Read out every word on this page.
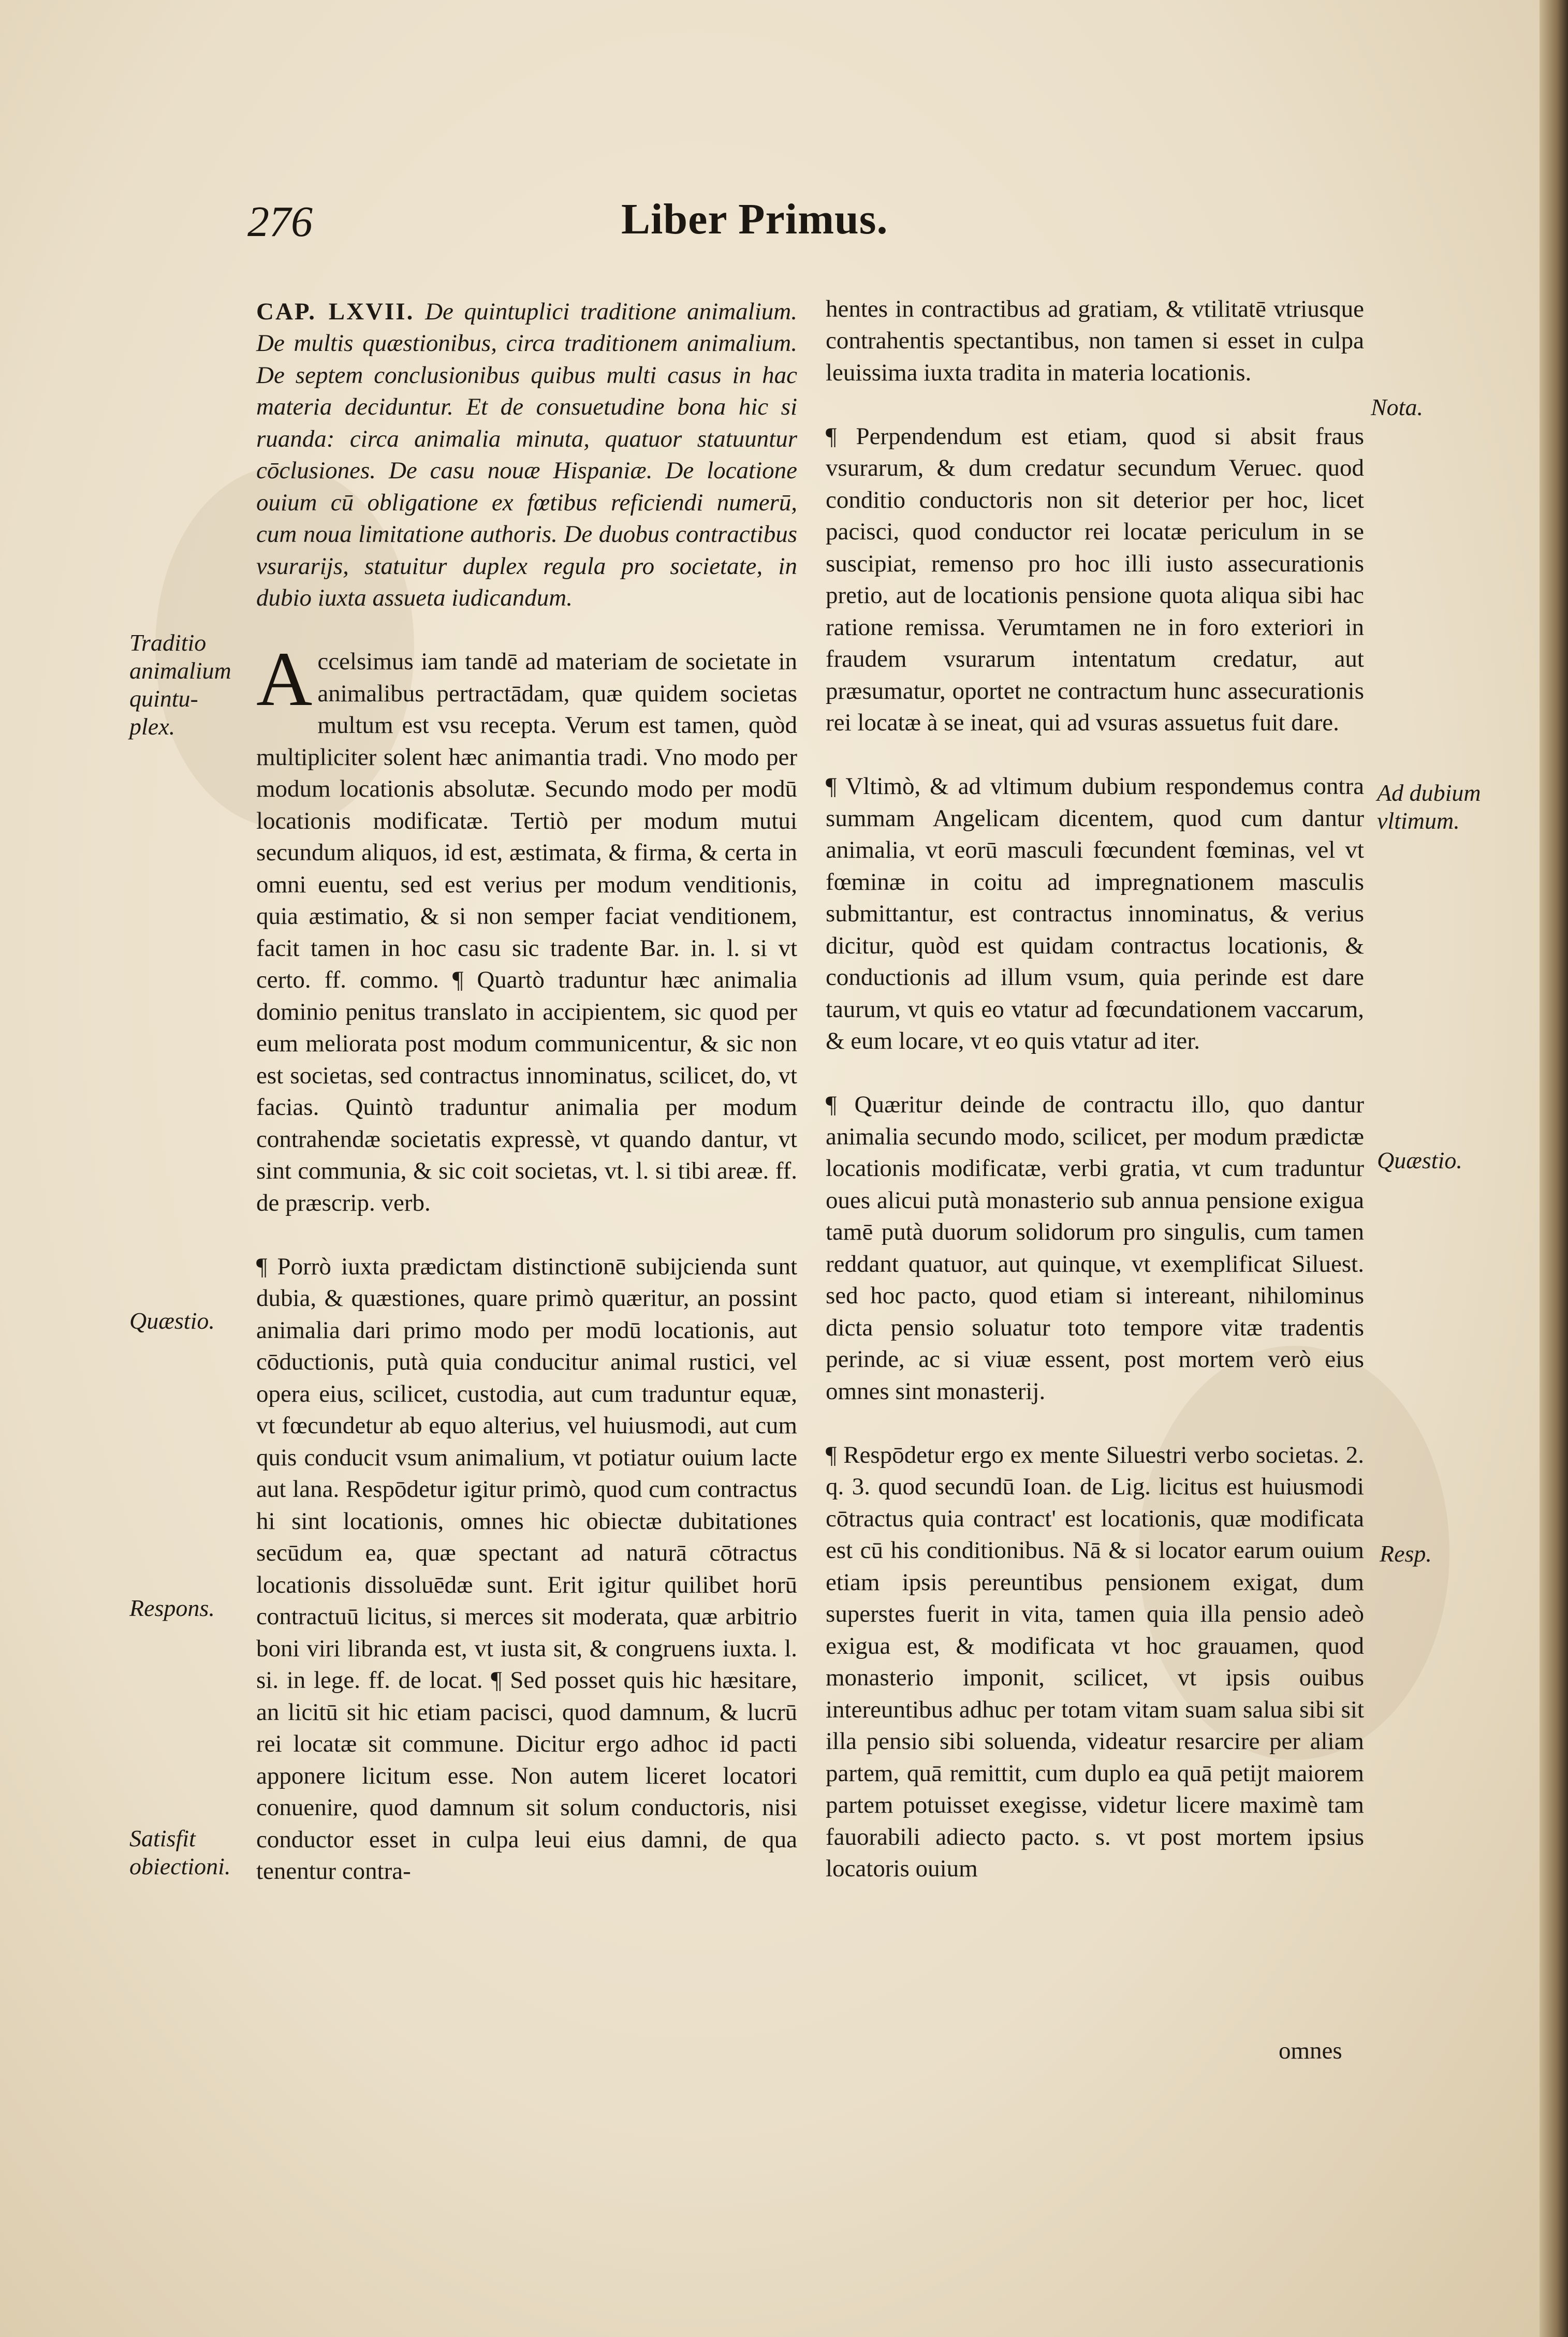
276	Liber Primus.

CAP. LXVII. De quintuplici traditione animalium. De multis quæstionibus, circa traditionem animalium. De septem conclusionibus quibus multi casus in hac materia deciduntur. Et de consuetudine bona hic si ruanda: circa animalia minuta, quatuor statuuntur cōclusiones. De casu nouæ Hispaniæ. De locatione ouium cū obligatione ex fœtibus reficiendi numerū, cum noua limitatione authoris. De duobus contractibus vsurarijs, statuitur duplex regula pro societate, in dubio iuxta assueta iudicandum.

Accelsimus iam tandē ad materiam de societate in animalibus pertractādam, quæ quidem societas multum est vsu recepta. Verum est tamen, quòd multipliciter solent hæc animantia tradi. Vno modo per modum locationis absolutæ. Secundo modo per modū locationis modificatæ. Tertiò per modum mutui secundum aliquos, id est, æstimata, & firma, & certa in omni euentu, sed est verius per modum venditionis, quia æstimatio, & si non semper faciat venditionem, facit tamen in hoc casu sic tradente Bar. in. l. si vt certo. ff. commo. ¶ Quartò traduntur hæc animalia dominio penitus translato in accipientem, sic quod per eum meliorata post modum communicentur, & sic non est societas, sed contractus innominatus, scilicet, do, vt facias. Quintò traduntur animalia per modum contrahendæ societatis expressè, vt quando dantur, vt sint communia, & sic coit societas, vt. l. si tibi areæ. ff. de præscrip. verb.

¶ Porrò iuxta prædictam distinctionē subijcienda sunt dubia, & quæstiones, quare primò quæritur, an possint animalia dari primo modo per modū locationis, aut cōductionis, putà quia conducitur animal rustici, vel opera eius, scilicet, custodia, aut cum traduntur equæ, vt fœcundetur ab equo alterius, vel huiusmodi, aut cum quis conducit vsum animalium, vt potiatur ouium lacte aut lana. Respōdetur igitur primò, quod cum contractus hi sint locationis, omnes hic obiectæ dubitationes secūdum ea, quæ spectant ad naturā cōtractus locationis dissoluēdæ sunt. Erit igitur quilibet horū contractuū licitus, si merces sit moderata, quæ arbitrio boni viri libranda est, vt iusta sit, & congruens iuxta. l. si. in lege. ff. de locat. ¶ Sed posset quis hic hæsitare, an licitū sit hic etiam pacisci, quod damnum, & lucrū rei locatæ sit commune. Dicitur ergo adhoc id pacti apponere licitum esse. Non autem liceret locatori conuenire, quod damnum sit solum conductoris, nisi conductor esset in culpa leui eius damni, de qua tenentur contra-

hentes in contractibus ad gratiam, & vtilitatē vtriusque contrahentis spectantibus, non tamen si esset in culpa leuissima iuxta tradita in materia locationis.

¶ Perpendendum est etiam, quod si absit fraus vsurarum, & dum credatur secundum Veruec. quod conditio conductoris non sit deterior per hoc, licet pacisci, quod conductor rei locatæ periculum in se suscipiat, remenso pro hoc illi iusto assecurationis pretio, aut de locationis pensione quota aliqua sibi hac ratione remissa. Verumtamen ne in foro exteriori in fraudem vsurarum intentatum credatur, aut præsumatur, oportet ne contractum hunc assecurationis rei locatæ à se ineat, qui ad vsuras assuetus fuit dare.

¶ Vltimò, & ad vltimum dubium respondemus contra summam Angelicam dicentem, quod cum dantur animalia, vt eorū masculi fœcundent fœminas, vel vt fœminæ in coitu ad impregnationem masculis submittantur, est contractus innominatus, & verius dicitur, quòd est quidam contractus locationis, & conductionis ad illum vsum, quia perinde est dare taurum, vt quis eo vtatur ad fœcundationem vaccarum, & eum locare, vt eo quis vtatur ad iter.

¶ Quæritur deinde de contractu illo, quo dantur animalia secundo modo, scilicet, per modum prædictæ locationis modificatæ, verbi gratia, vt cum traduntur oues alicui putà monasterio sub annua pensione exigua tamē putà duorum solidorum pro singulis, cum tamen reddant quatuor, aut quinque, vt exemplificat Siluest. sed hoc pacto, quod etiam si intereant, nihilominus dicta pensio soluatur toto tempore vitæ tradentis perinde, ac si viuæ essent, post mortem verò eius omnes sint monasterij.

¶ Respōdetur ergo ex mente Siluestri verbo societas. 2. q. 3. quod secundū Ioan. de Lig. licitus est huiusmodi cōtractus quia contract' est locationis, quæ modificata est cū his conditionibus. Nā & si locator earum ouium etiam ipsis pereuntibus pensionem exigat, dum superstes fuerit in vita, tamen quia illa pensio adeò exigua est, & modificata vt hoc grauamen, quod monasterio imponit, scilicet, vt ipsis ouibus intereuntibus adhuc per totam vitam suam salua sibi sit illa pensio sibi soluenda, videatur resarcire per aliam partem, quā remittit, cum duplo ea quā petijt maiorem partem potuisset exegisse, videtur licere maximè tam fauorabili adiecto pacto. s. vt post mortem ipsius locatoris ouium

omnes
Traditio
animalium
quintu-
plex.
Quæstio.
Respons.
Satisfit
obiectioni.
Nota.
Ad dubium
vltimum.
Quæstio.
Resp.
